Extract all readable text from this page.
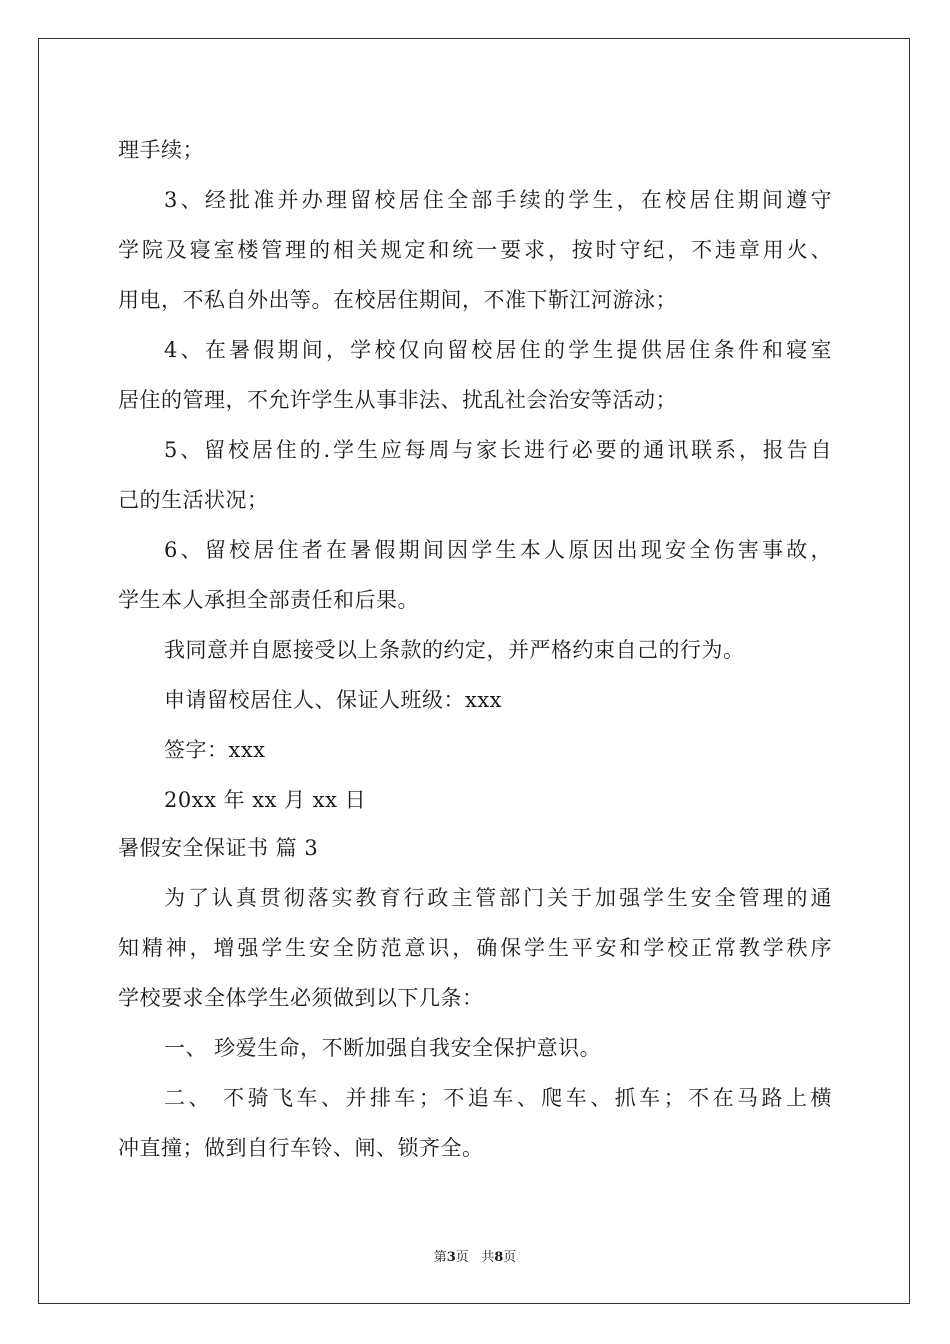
理手续；
3、经批准并办理留校居住全部手续的学生，在校居住期间遵守
学院及寝室楼管理的相关规定和统一要求，按时守纪，不违章用火、
用电，不私自外出等。在校居住期间，不准下靳江河游泳；
4、在暑假期间，学校仅向留校居住的学生提供居住条件和寝室
居住的管理，不允许学生从事非法、扰乱社会治安等活动；
5、留校居住的.学生应每周与家长进行必要的通讯联系，报告自
己的生活状况；
6、留校居住者在暑假期间因学生本人原因出现安全伤害事故，
学生本人承担全部责任和后果。
我同意并自愿接受以上条款的约定，并严格约束自己的行为。
申请留校居住人、保证人班级：xxx
签字：xxx
20xx 年 xx 月 xx 日
暑假安全保证书 篇 3
为了认真贯彻落实教育行政主管部门关于加强学生安全管理的通
知精神，增强学生安全防范意识，确保学生平安和学校正常教学秩序
学校要求全体学生必须做到以下几条：
一、 珍爱生命，不断加强自我安全保护意识。
二、 不骑飞车、并排车；不追车、爬车、抓车；不在马路上横
冲直撞；做到自行车铃、闸、锁齐全。
第3页 共8页
